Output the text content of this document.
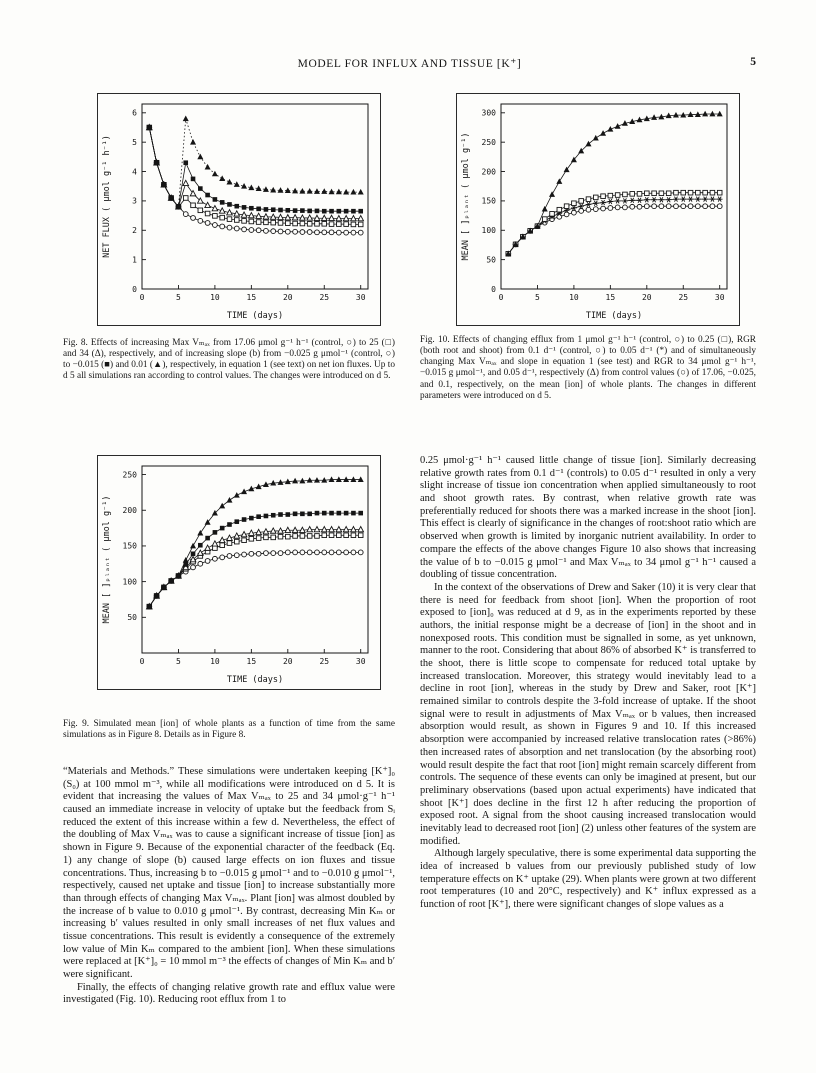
MODEL FOR INFLUX AND TISSUE [K⁺]	5
0	5	10	15	20	25	30
0
1
2
3
4
5
6
TIME (days)
NET FLUX ( μmol g⁻¹ h⁻¹)

Fig. 8. Effects of increasing Max Vₘₐₓ from 17.06 μmol g⁻¹ h⁻¹ (control, ○) to 25 (□) and 34 (Δ), respectively, and of increasing slope (b) from −0.025 g μmol⁻¹ (control, ○) to −0.015 (■) and 0.01 (▲), respectively, in equation 1 (see text) on net ion fluxes. Up to d 5 all simulations ran according to control values. The changes were introduced on d 5.

0	5	10	15	20	25	30
0
50
100
150
200
250
300
TIME (days)
MEAN [ ]ₚₗₐₙₜ ( μmol g⁻¹)

Fig. 10. Effects of changing efflux from 1 μmol g⁻¹ h⁻¹ (control, ○) to 0.25 (□), RGR (both root and shoot) from 0.1 d⁻¹ (control, ○) to 0.05 d⁻¹ (*) and of simultaneously changing Max Vₘₐₓ and slope in equation 1 (see test) and RGR to 34 μmol g⁻¹ h⁻¹, −0.015 g μmol⁻¹, and 0.05 d⁻¹, respectively (Δ) from control values (○) of 17.06, −0.025, and 0.1, respectively, on the mean [ion] of whole plants. The changes in different parameters were introduced on d 5.

0	5	10	15	20	25	30
50
100
150
200
250
TIME (days)
MEAN [ ]ₚₗₐₙₜ ( μmol g⁻¹)

Fig. 9. Simulated mean [ion] of whole plants as a function of time from the same simulations as in Figure 8. Details as in Figure 8.

“Materials and Methods.” These simulations were undertaken keeping [K⁺]₀ (S₀) at 100 mmol m⁻³, while all modifications were introduced on d 5. It is evident that increasing the values of Max Vₘₐₓ to 25 and 34 μmol·g⁻¹ h⁻¹ caused an immediate increase in velocity of uptake but the feedback from Sᵢ reduced the extent of this increase within a few d. Nevertheless, the effect of the doubling of Max Vₘₐₓ was to cause a significant increase of tissue [ion] as shown in Figure 9. Because of the exponential character of the feedback (Eq. 1) any change of slope (b) caused large effects on ion fluxes and tissue concentrations. Thus, increasing b to −0.015 g μmol⁻¹ and to −0.010 g μmol⁻¹, respectively, caused net uptake and tissue [ion] to increase substantially more than through effects of changing Max Vₘₐₓ. Plant [ion] was almost doubled by the increase of b value to 0.010 g μmol⁻¹. By contrast, decreasing Min Kₘ or increasing b′ values resulted in only small increases of net flux values and tissue concentrations. This result is evidently a consequence of the extremely low value of Min Kₘ compared to the ambient [ion]. When these simulations were replaced at [K⁺]₀ = 10 mmol m⁻³ the effects of changes of Min Kₘ and b′ were significant.

Finally, the effects of changing relative growth rate and efflux value were investigated (Fig. 10). Reducing root efflux from 1 to

0.25 μmol·g⁻¹ h⁻¹ caused little change of tissue [ion]. Similarly decreasing relative growth rates from 0.1 d⁻¹ (controls) to 0.05 d⁻¹ resulted in only a very slight increase of tissue ion concentration when applied simultaneously to root and shoot growth rates. By contrast, when relative growth rate was preferentially reduced for shoots there was a marked increase in the shoot [ion]. This effect is clearly of significance in the changes of root:shoot ratio which are observed when growth is limited by inorganic nutrient availability. In order to compare the effects of the above changes Figure 10 also shows that increasing the value of b to −0.015 g μmol⁻¹ and Max Vₘₐₓ to 34 μmol g⁻¹ h⁻¹ caused a doubling of tissue concentration.

In the context of the observations of Drew and Saker (10) it is very clear that there is need for feedback from shoot [ion]. When the proportion of root exposed to [ion]₀ was reduced at d 9, as in the experiments reported by these authors, the initial response might be a decrease of [ion] in the shoot and in nonexposed roots. This condition must be signalled in some, as yet unknown, manner to the root. Considering that about 86% of absorbed K⁺ is transferred to the shoot, there is little scope to compensate for reduced total uptake by increased translocation. Moreover, this strategy would inevitably lead to a decline in root [ion], whereas in the study by Drew and Saker, root [K⁺] remained similar to controls despite the 3-fold increase of uptake. If the shoot signal were to result in adjustments of Max Vₘₐₓ or b values, then increased absorption would result, as shown in Figures 9 and 10. If this increased absorption were accompanied by increased relative translocation rates (>86%) then increased rates of absorption and net translocation (by the absorbing root) would result despite the fact that root [ion] might remain scarcely different from controls. The sequence of these events can only be imagined at present, but our preliminary observations (based upon actual experiments) have indicated that shoot [K⁺] does decline in the first 12 h after reducing the proportion of exposed root. A signal from the shoot causing increased translocation would inevitably lead to decreased root [ion] (2) unless other features of the system are modified.

Although largely speculative, there is some experimental data supporting the idea of increased b values from our previously published study of low temperature effects on K⁺ uptake (29). When plants were grown at two different root temperatures (10 and 20°C, respectively) and K⁺ influx expressed as a function of root [K⁺], there were significant changes of slope values as a
